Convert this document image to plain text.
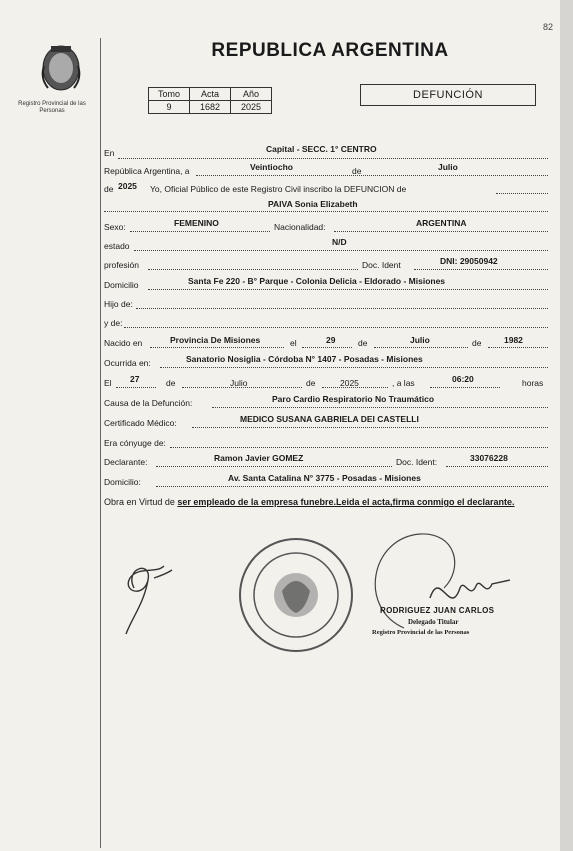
82
Registro Provincial de las Personas
REPUBLICA ARGENTINA
Tomo	Acta	Año
9	1682	2025
DEFUNCIÓN
En	Capital - SECC. 1° CENTRO
República Argentina, a	Veintiocho	de	Julio
de 2025 Yo, Oficial Público de este Registro Civil inscribo la DEFUNCION de
PAIVA Sonia Elizabeth
Sexo:	FEMENINO	Nacionalidad:	ARGENTINA
estado	N/D
profesión	Doc. Ident	DNI: 29050942
Domicilio	Santa Fe 220 - B° Parque - Colonia Delicia - Eldorado - Misiones
Hijo de:
y de:
Nacido en	Provincia De Misiones	el	29	de	Julio	de	1982
Ocurrida en:	Sanatorio Nosiglia - Córdoba N° 1407 - Posadas - Misiones
El 27	de	Julio	de	2025	, a las	06:20	horas
Causa de la Defunción:	Paro Cardio Respiratorio No Traumático
Certificado Médico:	MEDICO SUSANA GABRIELA DEI CASTELLI
Era cónyuge de:
Declarante:	Ramon Javier GOMEZ	Doc. Ident:	33076228
Domicilio:	Av. Santa Catalina N° 3775 - Posadas - Misiones
Obra en Virtud de ser empleado de la empresa funebre.Leida el acta,firma conmigo el declarante.
RODRIGUEZ JUAN CARLOS
Delegado Titular
Registro Provincial de las Personas
